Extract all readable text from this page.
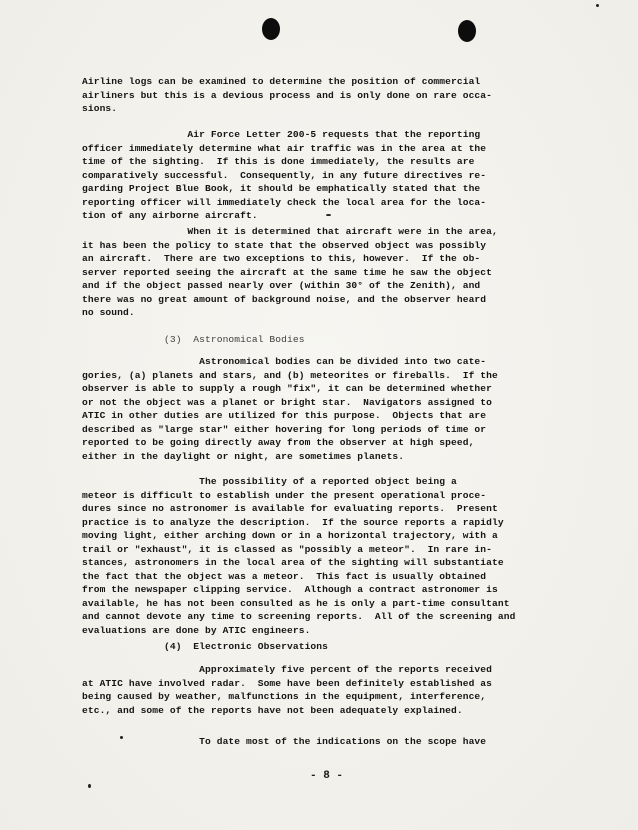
Airline logs can be examined to determine the position of commercial
airliners but this is a devious process and is only done on rare occa-
sions.
Air Force Letter 200-5 requests that the reporting
officer immediately determine what air traffic was in the area at the
time of the sighting.  If this is done immediately, the results are
comparatively successful.  Consequently, in any future directives re-
garding Project Blue Book, it should be emphatically stated that the
reporting officer will immediately check the local area for the loca-
tion of any airborne aircraft.
When it is determined that aircraft were in the area,
it has been the policy to state that the observed object was possibly
an aircraft.  There are two exceptions to this, however.  If the ob-
server reported seeing the aircraft at the same time he saw the object
and if the object passed nearly over (within 30° of the Zenith), and
there was no great amount of background noise, and the observer heard
no sound.
(3)  Astronomical Bodies
Astronomical bodies can be divided into two cate-
gories, (a) planets and stars, and (b) meteorites or fireballs.  If the
observer is able to supply a rough "fix", it can be determined whether
or not the object was a planet or bright star.  Navigators assigned to
ATIC in other duties are utilized for this purpose.  Objects that are
described as "large star" either hovering for long periods of time or
reported to be going directly away from the observer at high speed,
either in the daylight or night, are sometimes planets.
The possibility of a reported object being a
meteor is difficult to establish under the present operational proce-
dures since no astronomer is available for evaluating reports.  Present
practice is to analyze the description.  If the source reports a rapidly
moving light, either arching down or in a horizontal trajectory, with a
trail or "exhaust", it is classed as "possibly a meteor".  In rare in-
stances, astronomers in the local area of the sighting will substantiate
the fact that the object was a meteor.  This fact is usually obtained
from the newspaper clipping service.  Although a contract astronomer is
available, he has not been consulted as he is only a part-time consultant
and cannot devote any time to screening reports.  All of the screening and
evaluations are done by ATIC engineers.
(4)  Electronic Observations
Approximately five percent of the reports received
at ATIC have involved radar.  Some have been definitely established as
being caused by weather, malfunctions in the equipment, interference,
etc., and some of the reports have not been adequately explained.
To date most of the indications on the scope have
- 8 -
